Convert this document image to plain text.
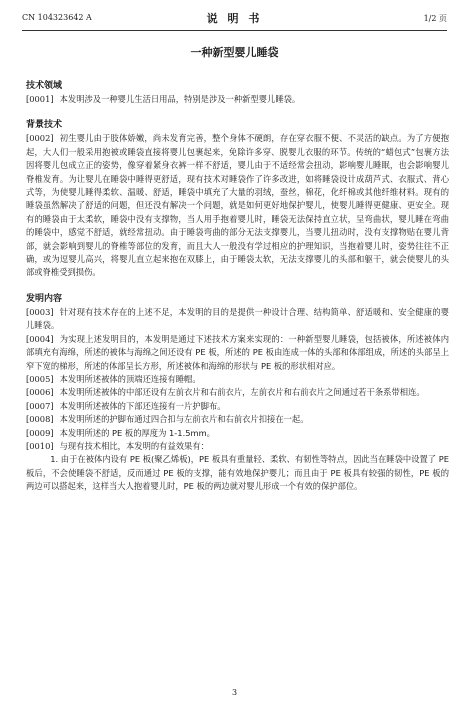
CN 104323642 A	说 明 书	1/2 页
一种新型婴儿睡袋
技术领域
[0001] 本发明涉及一种婴儿生活日用品，特别是涉及一种新型婴儿睡袋。
背景技术
[0002] 初生婴儿由于肢体娇嫩，尚未发育完善，整个身体不硬朗，存在穿衣服不便、不灵活的缺点。为了方便抱起，大人们一般采用抱被或睡袋直接将婴儿包裹起来，免除许多穿、脱婴儿衣服的环节。传统的“蜡包式”包裹方法因将婴儿包成立正的姿势，像穿着紧身衣裤一样不舒适，婴儿由于不适经常会扭动，影响婴儿睡眠，也会影响婴儿脊椎发育。为让婴儿在睡袋中睡得更舒适，现有技术对睡袋作了许多改进，如将睡袋设计成葫芦式、衣服式、背心式等，为使婴儿睡得柔软、温暖、舒适，睡袋中填充了大量的羽绒，蚕丝，棉花，化纤棉或其他纤维材料。现有的睡袋虽然解决了舒适的问题，但还没有解决一个问题，就是如何更好地保护婴儿，使婴儿睡得更健康、更安全。现有的睡袋由于太柔软，睡袋中没有支撑物，当人用手抱着婴儿时，睡袋无法保持直立状，呈弯曲状，婴儿睡在弯曲的睡袋中，感觉不舒适，就经常扭动。由于睡袋弯曲的部分无法支撑婴儿，当婴儿扭动时，没有支撑物贴在婴儿背部，就会影响到婴儿的脊椎等部位的发育，而且大人一般没有学过相应的护理知识，当抱着婴儿时，姿势往往不正确，或为逗婴儿高兴，将婴儿直立起来抱在双膝上，由于睡袋太软，无法支撑婴儿的头部和躯干，就会使婴儿的头部或脊椎受到损伤。
发明内容
[0003] 针对现有技术存在的上述不足，本发明的目的是提供一种设计合理、结构简单、舒适暖和、安全健康的婴儿睡袋。
[0004] 为实现上述发明目的，本发明是通过下述技术方案来实现的：一种新型婴儿睡袋，包括被体，所述被体内部填充有海绵，所述的被体与海绵之间还设有 PE 板，所述的 PE 板由连成一体的头部和体部组成，所述的头部呈上窄下宽的梯形，所述的体部呈长方形，所述被体和海绵的形状与 PE 板的形状相对应。
[0005] 本发明所述被体的顶端还连接有睡帽。
[0006] 本发明所述被体的中部还设有左前衣片和右前衣片，左前衣片和右前衣片之间通过若干条系带相连。
[0007] 本发明所述被体的下部还连接有一片护脚布。
[0008] 本发明所述的护脚布通过四合扣与左前衣片和右前衣片扣接在一起。
[0009] 本发明所述的 PE 板的厚度为 1-1.5mm。
[0010] 与现有技术相比，本发明的有益效果有：
1. 由于在被体内设有 PE 板(聚乙烯板)，PE 板具有重量轻、柔软、有韧性等特点，因此当在睡袋中设置了 PE 板后，不会使睡袋不舒适，反而通过 PE 板的支撑，能有效地保护婴儿；而且由于 PE 板具有较强的韧性，PE 板的两边可以搭起来，这样当大人抱着婴儿时，PE 板的两边就对婴儿形成一个有效的保护部位。
3
